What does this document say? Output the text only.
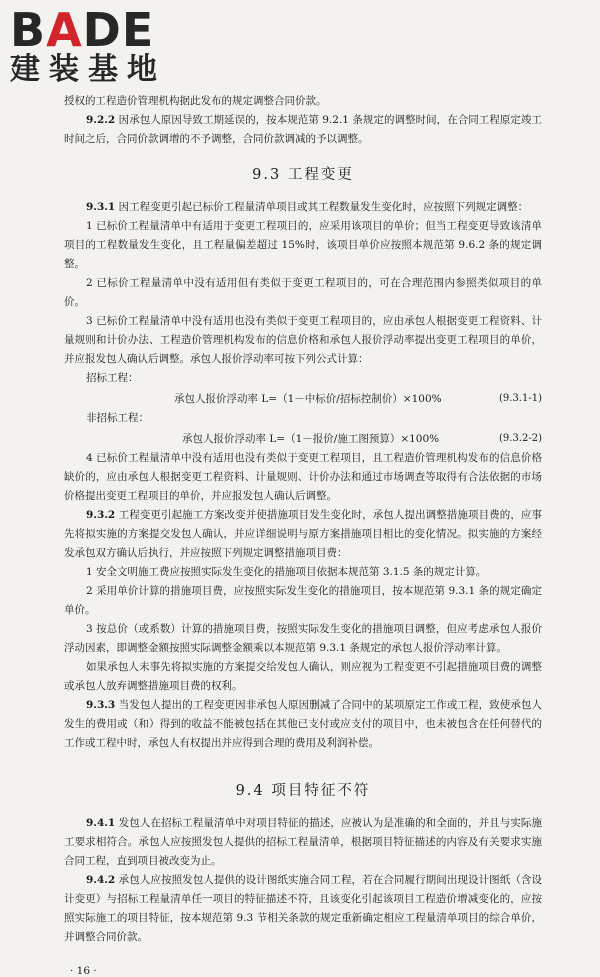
BADE
建装基地

授权的工程造价管理机构据此发布的规定调整合同价款。

9.2.2 因承包人原因导致工期延误的，按本规范第 9.2.1 条规定的调整时间，在合同工程原定竣工时间之后，合同价款调增的不予调整，合同价款调减的予以调整。

9.3 工程变更

9.3.1 因工程变更引起已标价工程量清单项目或其工程数量发生变化时，应按照下列规定调整：

1 已标价工程量清单中有适用于变更工程项目的，应采用该项目的单价；但当工程变更导致该清单项目的工程数量发生变化，且工程量偏差超过 15%时，该项目单价应按照本规范第 9.6.2 条的规定调整。

2 已标价工程量清单中没有适用但有类似于变更工程项目的，可在合理范围内参照类似项目的单价。

3 已标价工程量清单中没有适用也没有类似于变更工程项目的，应由承包人根据变更工程资料、计量规则和计价办法、工程造价管理机构发布的信息价格和承包人报价浮动率提出变更工程项目的单价，并应报发包人确认后调整。承包人报价浮动率可按下列公式计算：

招标工程：

承包人报价浮动率 L=（1－中标价/招标控制价）×100%	(9.3.1-1)

非招标工程：

承包人报价浮动率 L=（1－报价/施工图预算）×100%	(9.3.2-2)

4 已标价工程量清单中没有适用也没有类似于变更工程项目，且工程造价管理机构发布的信息价格缺价的，应由承包人根据变更工程资料、计量规则、计价办法和通过市场调查等取得有合法依据的市场价格提出变更工程项目的单价，并应报发包人确认后调整。

9.3.2 工程变更引起施工方案改变并使措施项目发生变化时，承包人提出调整措施项目费的，应事先将拟实施的方案提交发包人确认，并应详细说明与原方案措施项目相比的变化情况。拟实施的方案经发承包双方确认后执行，并应按照下列规定调整措施项目费：

1 安全文明施工费应按照实际发生变化的措施项目依据本规范第 3.1.5 条的规定计算。

2 采用单价计算的措施项目费，应按照实际发生变化的措施项目，按本规范第 9.3.1 条的规定确定单价。

3 按总价（或系数）计算的措施项目费，按照实际发生变化的措施项目调整，但应考虑承包人报价浮动因素，即调整金额按照实际调整金额乘以本规范第 9.3.1 条规定的承包人报价浮动率计算。

如果承包人未事先将拟实施的方案提交给发包人确认，则应视为工程变更不引起措施项目费的调整或承包人放弃调整措施项目费的权利。

9.3.3 当发包人提出的工程变更因非承包人原因删减了合同中的某项原定工作或工程，致使承包人发生的费用或（和）得到的收益不能被包括在其他已支付或应支付的项目中，也未被包含在任何替代的工作或工程中时，承包人有权提出并应得到合理的费用及利润补偿。

9.4 项目特征不符

9.4.1 发包人在招标工程量清单中对项目特征的描述，应被认为是准确的和全面的，并且与实际施工要求相符合。承包人应按照发包人提供的招标工程量清单，根据项目特征描述的内容及有关要求实施合同工程，直到项目被改变为止。

9.4.2 承包人应按照发包人提供的设计图纸实施合同工程，若在合同履行期间出现设计图纸（含设计变更）与招标工程量清单任一项目的特征描述不符，且该变化引起该项目工程造价增减变化的，应按照实际施工的项目特征，按本规范第 9.3 节相关条款的规定重新确定相应工程量清单项目的综合单价，并调整合同价款。

· 16 ·
